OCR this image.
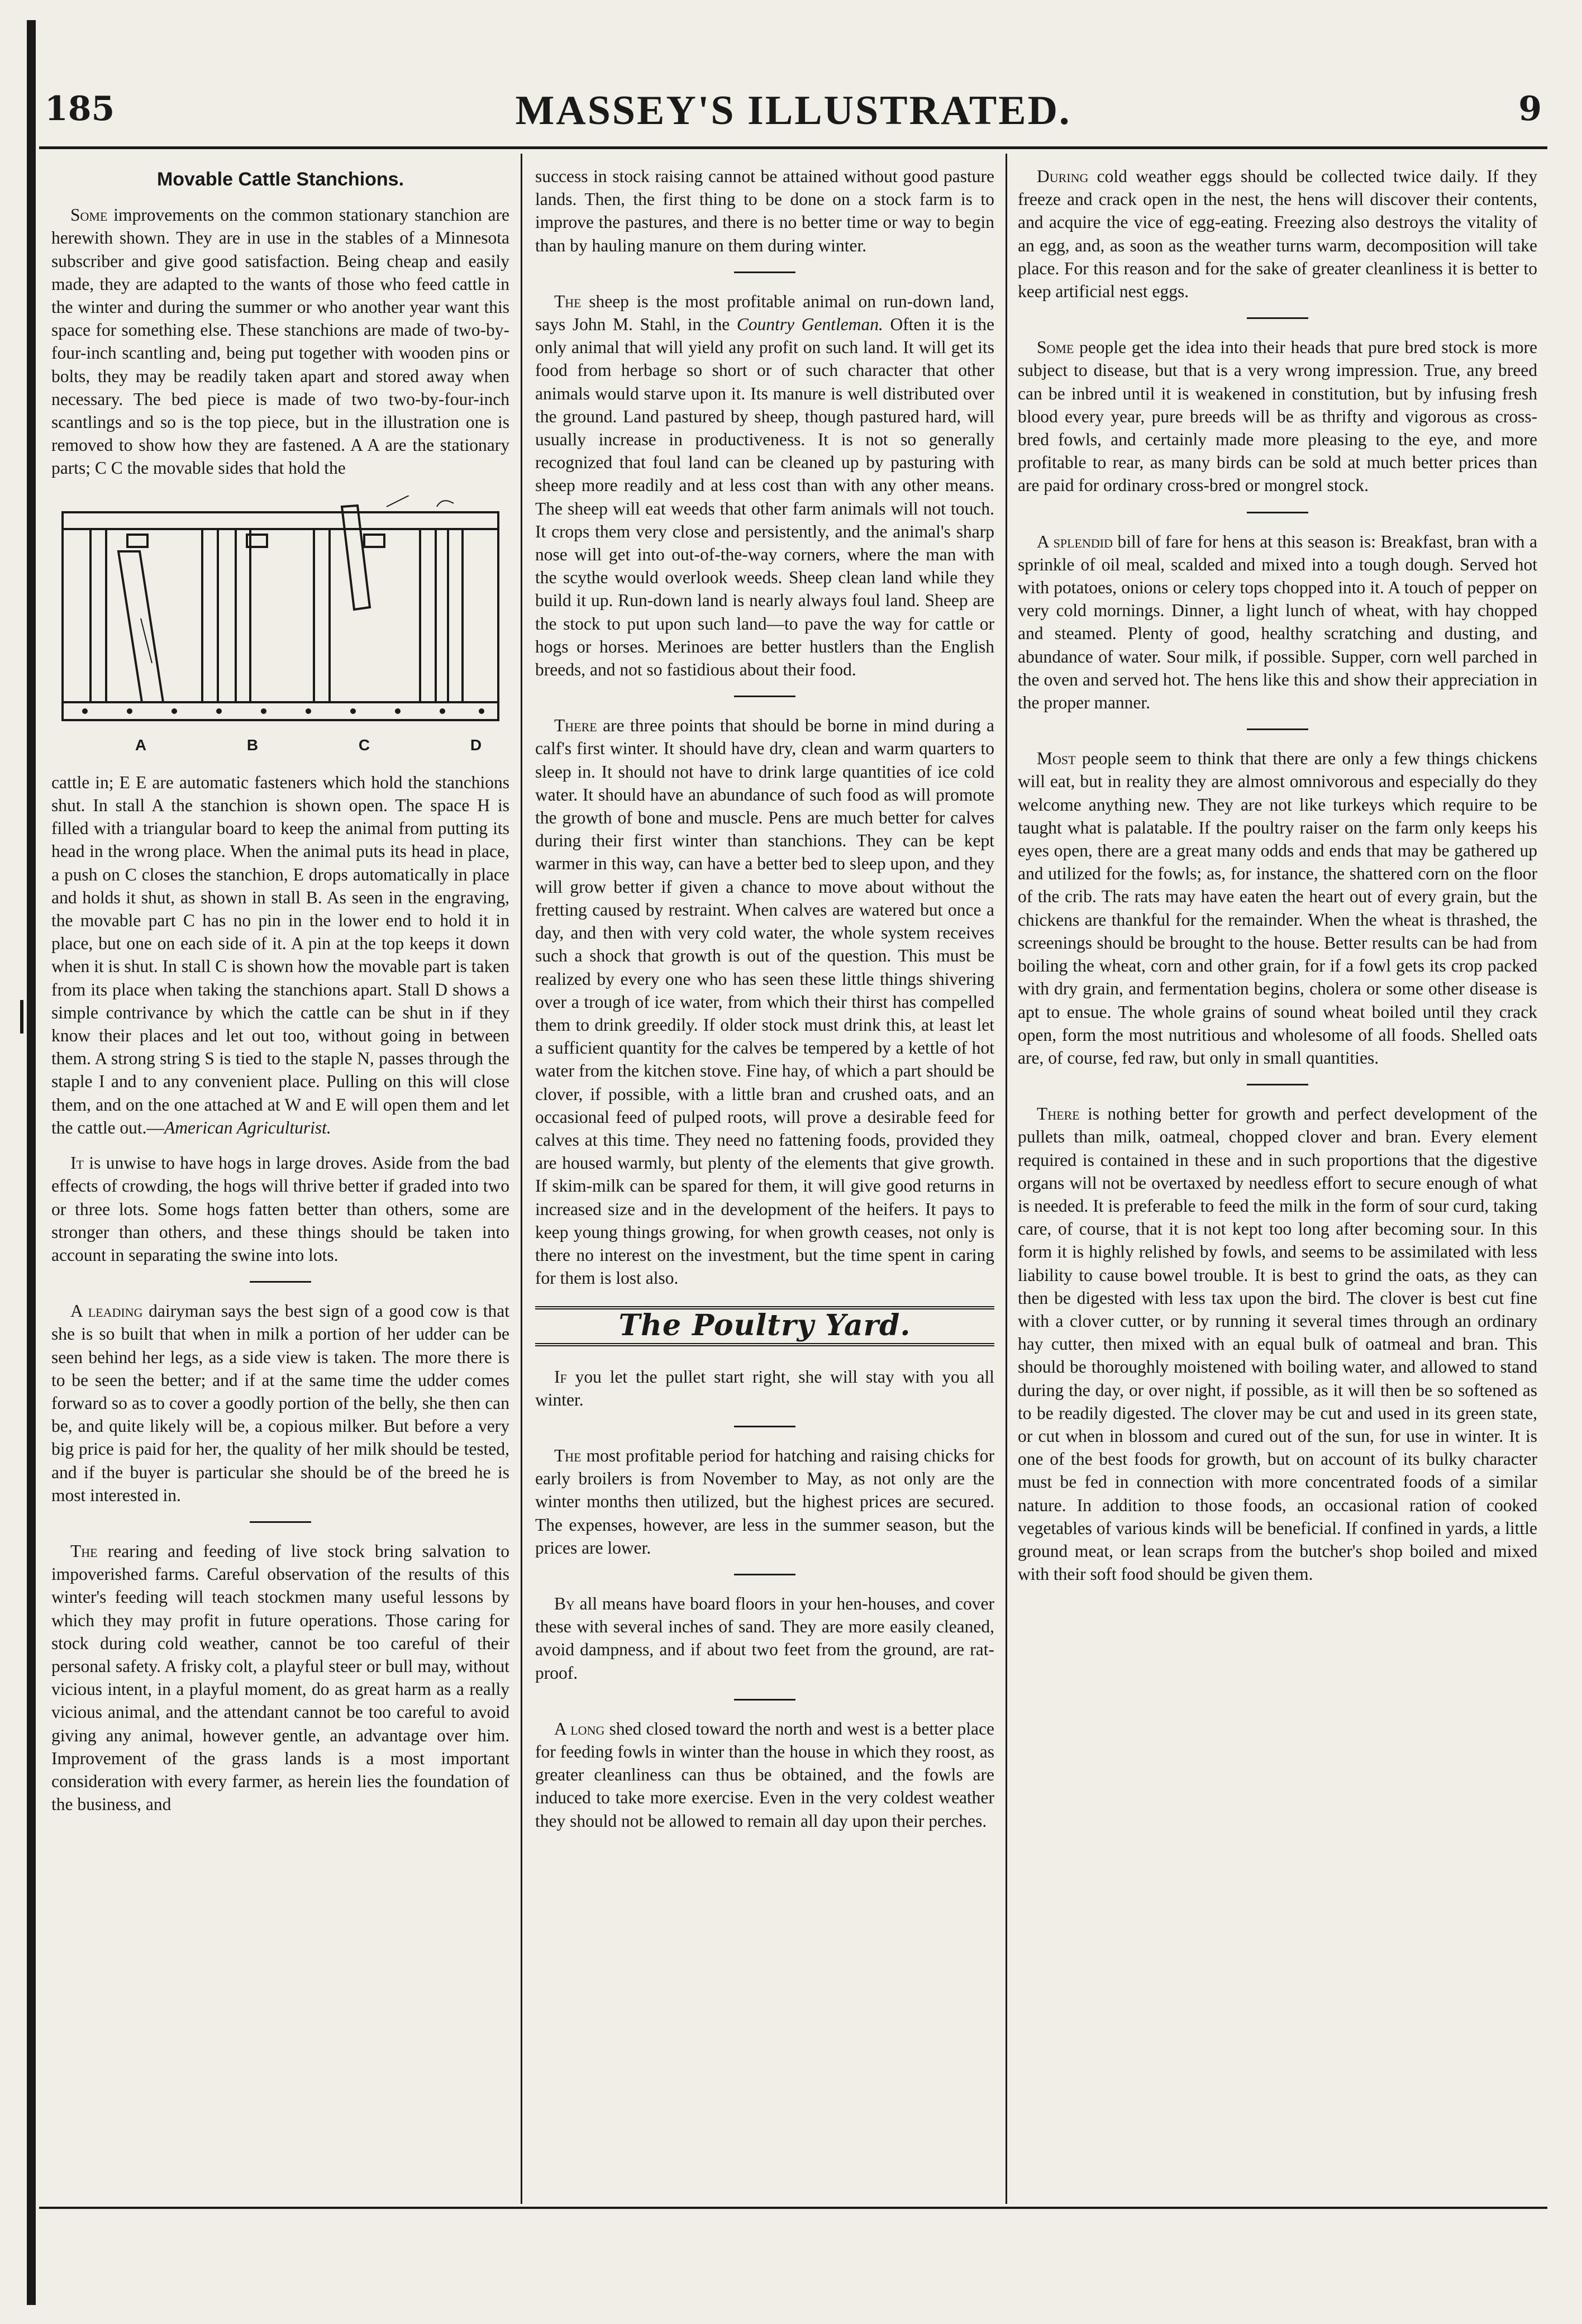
185	MASSEY'S ILLUSTRATED.	9
Movable Cattle Stanchions.

Some improvements on the common stationary stanchion are herewith shown. They are in use in the stables of a Minnesota subscriber and give good satisfaction. Being cheap and easily made, they are adapted to the wants of those who feed cattle in the winter and during the summer or who another year want this space for something else. These stanchions are made of two-by-four-inch scantling and, being put together with wooden pins or bolts, they may be readily taken apart and stored away when necessary. The bed piece is made of two two-by-four-inch scantlings and so is the top piece, but in the illustration one is removed to show how they are fastened. A A are the stationary parts; C C the movable sides that hold the

A	B	C	D

cattle in; E E are automatic fasteners which hold the stanchions shut. In stall A the stanchion is shown open. The space H is filled with a triangular board to keep the animal from putting its head in the wrong place. When the animal puts its head in place, a push on C closes the stanchion, E drops automatically in place and holds it shut, as shown in stall B. As seen in the engraving, the movable part C has no pin in the lower end to hold it in place, but one on each side of it. A pin at the top keeps it down when it is shut. In stall C is shown how the movable part is taken from its place when taking the stanchions apart. Stall D shows a simple contrivance by which the cattle can be shut in if they know their places and let out too, without going in between them. A strong string S is tied to the staple N, passes through the staple I and to any convenient place. Pulling on this will close them, and on the one attached at W and E will open them and let the cattle out.—American Agriculturist.

It is unwise to have hogs in large droves. Aside from the bad effects of crowding, the hogs will thrive better if graded into two or three lots. Some hogs fatten better than others, some are stronger than others, and these things should be taken into account in separating the swine into lots.

A leading dairyman says the best sign of a good cow is that she is so built that when in milk a portion of her udder can be seen behind her legs, as a side view is taken. The more there is to be seen the better; and if at the same time the udder comes forward so as to cover a goodly portion of the belly, she then can be, and quite likely will be, a copious milker. But before a very big price is paid for her, the quality of her milk should be tested, and if the buyer is particular she should be of the breed he is most interested in.

The rearing and feeding of live stock bring salvation to impoverished farms. Careful observation of the results of this winter's feeding will teach stockmen many useful lessons by which they may profit in future operations. Those caring for stock during cold weather, cannot be too careful of their personal safety. A frisky colt, a playful steer or bull may, without vicious intent, in a playful moment, do as great harm as a really vicious animal, and the attendant cannot be too careful to avoid giving any animal, however gentle, an advantage over him. Improvement of the grass lands is a most important consideration with every farmer, as herein lies the foundation of the business, and

success in stock raising cannot be attained without good pasture lands. Then, the first thing to be done on a stock farm is to improve the pastures, and there is no better time or way to begin than by hauling manure on them during winter.

The sheep is the most profitable animal on run-down land, says John M. Stahl, in the Country Gentleman. Often it is the only animal that will yield any profit on such land. It will get its food from herbage so short or of such character that other animals would starve upon it. Its manure is well distributed over the ground. Land pastured by sheep, though pastured hard, will usually increase in productiveness. It is not so generally recognized that foul land can be cleaned up by pasturing with sheep more readily and at less cost than with any other means. The sheep will eat weeds that other farm animals will not touch. It crops them very close and persistently, and the animal's sharp nose will get into out-of-the-way corners, where the man with the scythe would overlook weeds. Sheep clean land while they build it up. Run-down land is nearly always foul land. Sheep are the stock to put upon such land—to pave the way for cattle or hogs or horses. Merinoes are better hustlers than the English breeds, and not so fastidious about their food.

There are three points that should be borne in mind during a calf's first winter. It should have dry, clean and warm quarters to sleep in. It should not have to drink large quantities of ice cold water. It should have an abundance of such food as will promote the growth of bone and muscle. Pens are much better for calves during their first winter than stanchions. They can be kept warmer in this way, can have a better bed to sleep upon, and they will grow better if given a chance to move about without the fretting caused by restraint. When calves are watered but once a day, and then with very cold water, the whole system receives such a shock that growth is out of the question. This must be realized by every one who has seen these little things shivering over a trough of ice water, from which their thirst has compelled them to drink greedily. If older stock must drink this, at least let a sufficient quantity for the calves be tempered by a kettle of hot water from the kitchen stove. Fine hay, of which a part should be clover, if possible, with a little bran and crushed oats, and an occasional feed of pulped roots, will prove a desirable feed for calves at this time. They need no fattening foods, provided they are housed warmly, but plenty of the elements that give growth. If skim-milk can be spared for them, it will give good returns in increased size and in the development of the heifers. It pays to keep young things growing, for when growth ceases, not only is there no interest on the investment, but the time spent in caring for them is lost also.

The Poultry Yard.

If you let the pullet start right, she will stay with you all winter.

The most profitable period for hatching and raising chicks for early broilers is from November to May, as not only are the winter months then utilized, but the highest prices are secured. The expenses, however, are less in the summer season, but the prices are lower.

By all means have board floors in your hen-houses, and cover these with several inches of sand. They are more easily cleaned, avoid dampness, and if about two feet from the ground, are rat-proof.

A long shed closed toward the north and west is a better place for feeding fowls in winter than the house in which they roost, as greater cleanliness can thus be obtained, and the fowls are induced to take more exercise. Even in the very coldest weather they should not be allowed to remain all day upon their perches.

During cold weather eggs should be collected twice daily. If they freeze and crack open in the nest, the hens will discover their contents, and acquire the vice of egg-eating. Freezing also destroys the vitality of an egg, and, as soon as the weather turns warm, decomposition will take place. For this reason and for the sake of greater cleanliness it is better to keep artificial nest eggs.

Some people get the idea into their heads that pure bred stock is more subject to disease, but that is a very wrong impression. True, any breed can be inbred until it is weakened in constitution, but by infusing fresh blood every year, pure breeds will be as thrifty and vigorous as cross-bred fowls, and certainly made more pleasing to the eye, and more profitable to rear, as many birds can be sold at much better prices than are paid for ordinary cross-bred or mongrel stock.

A splendid bill of fare for hens at this season is: Breakfast, bran with a sprinkle of oil meal, scalded and mixed into a tough dough. Served hot with potatoes, onions or celery tops chopped into it. A touch of pepper on very cold mornings. Dinner, a light lunch of wheat, with hay chopped and steamed. Plenty of good, healthy scratching and dusting, and abundance of water. Sour milk, if possible. Supper, corn well parched in the oven and served hot. The hens like this and show their appreciation in the proper manner.

Most people seem to think that there are only a few things chickens will eat, but in reality they are almost omnivorous and especially do they welcome anything new. They are not like turkeys which require to be taught what is palatable. If the poultry raiser on the farm only keeps his eyes open, there are a great many odds and ends that may be gathered up and utilized for the fowls; as, for instance, the shattered corn on the floor of the crib. The rats may have eaten the heart out of every grain, but the chickens are thankful for the remainder. When the wheat is thrashed, the screenings should be brought to the house. Better results can be had from boiling the wheat, corn and other grain, for if a fowl gets its crop packed with dry grain, and fermentation begins, cholera or some other disease is apt to ensue. The whole grains of sound wheat boiled until they crack open, form the most nutritious and wholesome of all foods. Shelled oats are, of course, fed raw, but only in small quantities.

There is nothing better for growth and perfect development of the pullets than milk, oatmeal, chopped clover and bran. Every element required is contained in these and in such proportions that the digestive organs will not be overtaxed by needless effort to secure enough of what is needed. It is preferable to feed the milk in the form of sour curd, taking care, of course, that it is not kept too long after becoming sour. In this form it is highly relished by fowls, and seems to be assimilated with less liability to cause bowel trouble. It is best to grind the oats, as they can then be digested with less tax upon the bird. The clover is best cut fine with a clover cutter, or by running it several times through an ordinary hay cutter, then mixed with an equal bulk of oatmeal and bran. This should be thoroughly moistened with boiling water, and allowed to stand during the day, or over night, if possible, as it will then be so softened as to be readily digested. The clover may be cut and used in its green state, or cut when in blossom and cured out of the sun, for use in winter. It is one of the best foods for growth, but on account of its bulky character must be fed in connection with more concentrated foods of a similar nature. In addition to those foods, an occasional ration of cooked vegetables of various kinds will be beneficial. If confined in yards, a little ground meat, or lean scraps from the butcher's shop boiled and mixed with their soft food should be given them.
